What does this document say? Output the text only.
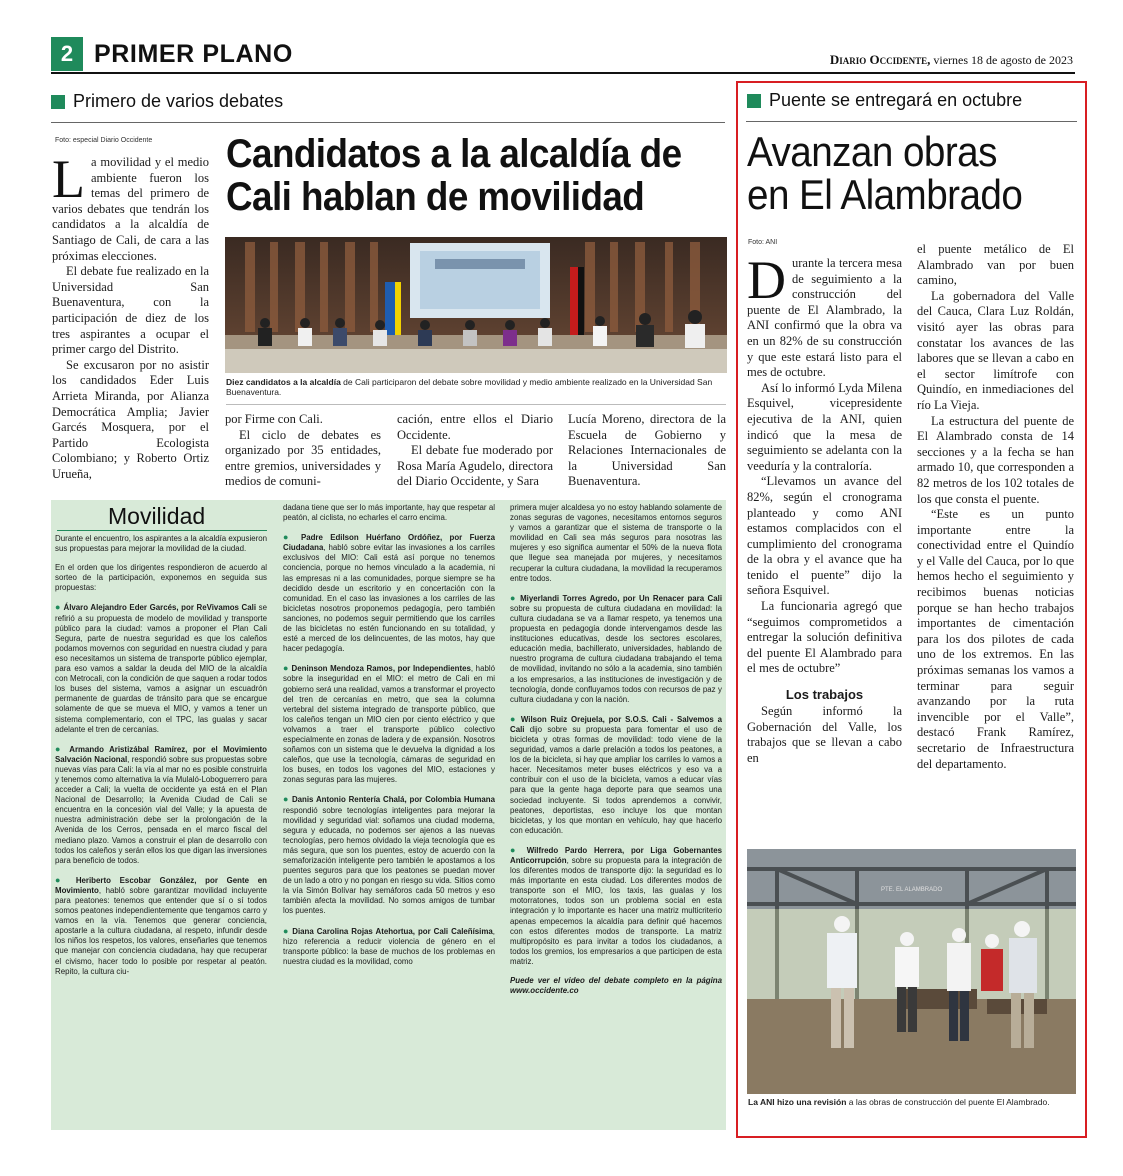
2 PRIMER PLANO	Diario Occidente, viernes 18 de agosto de 2023
Primero de varios debates
Foto: especial Diario Occidente Candidatos a la alcaldía de Cali hablan de movilidad

La movilidad y el medio ambiente fueron los temas del primero de varios debates que tendrán los candidatos a la alcaldía de Santiago de Cali, de cara a las próximas elecciones.

El debate fue realizado en la Universidad San Buenaventura, con la participación de diez de los tres aspirantes a ocupar el primer cargo del Distrito.

Se excusaron por no asistir los candidados Eder Luis Arrieta Miranda, por Alianza Democrática Amplia; Javier Garcés Mosquera, por el Partido Ecologista Colombiano; y Roberto Ortiz Urueña,

Diez candidatos a la alcaldía de Cali participaron del debate sobre movilidad y medio ambiente realizado en la Universidad San Buenaventura.

por Firme con Cali.

El ciclo de debates es organizado por 35 entidades, entre gremios, universidades y medios de comuni-

cación, entre ellos el Diario Occidente.

El debate fue moderado por Rosa María Agudelo, directora del Diario Occidente, y Sara

Lucía Moreno, directora de la Escuela de Gobierno y Relaciones Internacionales de la Universidad San Buenaventura.

Movilidad

Durante el encuentro, los aspirantes a la alcaldía expusieron sus propuestas para mejorar la movilidad de la ciudad.

En el orden que los dirigentes respondieron de acuerdo al sorteo de la participación, exponemos en seguida sus propuestas:

● Álvaro Alejandro Eder Garcés, por ReVivamos Cali se refirió a su propuesta de modelo de movilidad y transporte público para la ciudad: vamos a proponer el Plan Cali Segura, parte de nuestra seguridad es que los caleños podamos movernos con seguridad en nuestra ciudad y para eso necesitamos un sistema de transporte público ejemplar, para eso vamos a saldar la deuda del MIO de la alcaldía con Metrocali, con la condición de que saquen a rodar todos los buses del sistema, vamos a asignar un escuadrón permanente de guardas de tránsito para que se encargue solamente de que se mueva el MIO, y vamos a tener un sistema complementario, con el TPC, las gualas y sacar adelante el tren de cercanías.

● Armando Aristizábal Ramírez, por el Movimiento Salvación Nacional, respondió sobre sus propuestas sobre nuevas vías para Cali: la vía al mar no es posible construirla y tenemos como alternativa la vía Mulaló-Loboguerrero para acceder a Cali; la vuelta de occidente ya está en el Plan Nacional de Desarrollo; la Avenida Ciudad de Cali se encuentra en la concesión vial del Valle; y la apuesta de nuestra administración debe ser la prolongación de la Avenida de los Cerros, pensada en el marco fiscal del mediano plazo. Vamos a construir el plan de desarrollo con todos los caleños y serán ellos los que digan las inversiones para beneficio de todos.

● Heriberto Escobar González, por Gente en Movimiento, habló sobre garantizar movilidad incluyente para peatones: tenemos que entender que sí o sí todos somos peatones independientemente que tengamos carro y vamos en la vía. Tenemos que generar conciencia, apostarle a la cultura ciudadana, al respeto, infundir desde los niños los respetos, los valores, enseñarles que tenemos que manejar con conciencia ciudadana, hay que recuperar el civismo, hacer todo lo posible por respetar al peatón. Repito, la cultura ciu-

dadana tiene que ser lo más importante, hay que respetar al peatón, al ciclista, no echarles el carro encima.

● Padre Edilson Huérfano Ordóñez, por Fuerza Ciudadana, habló sobre evitar las invasiones a los carriles exclusivos del MIO: Cali está así porque no tenemos conciencia, porque no hemos vinculado a la academia, ni las empresas ni a las comunidades, porque siempre se ha decidido desde un escritorio y en concertación con la comunidad. En el caso las invasiones a los carriles de las bicicletas nosotros proponemos pedagogía, pero también sanciones, no podemos seguir permitiendo que los carriles de las bicicletas no estén funcionando en su totalidad, y esté a merced de los delincuentes, de las motos, hay que hacer pedagogía.

● Deninson Mendoza Ramos, por Independientes, habló sobre la inseguridad en el MIO: el metro de Cali en mi gobierno será una realidad, vamos a transformar el proyecto del tren de cercanías en metro, que sea la columna vertebral del sistema integrado de transporte público, que los caleños tengan un MIO cien por ciento eléctrico y que volvamos a traer el transporte público colectivo especialmente en zonas de ladera y de expansión. Nosotros soñamos con un sistema que le devuelva la dignidad a los caleños, que use la tecnología, cámaras de seguridad en los buses, en todos los vagones del MIO, estaciones y zonas seguras para las mujeres.

● Danis Antonio Rentería Chalá, por Colombia Humana respondió sobre tecnologías inteligentes para mejorar la movilidad y seguridad vial: soñamos una ciudad moderna, segura y educada, no podemos ser ajenos a las nuevas tecnologías, pero hemos olvidado la vieja tecnología que es más segura, que son los puentes, estoy de acuerdo con la semaforización inteligente pero también le apostamos a los puentes seguros para que los peatones se puedan mover de un lado a otro y no pongan en riesgo su vida. Sitios como la vía Simón Bolívar hay semáforos cada 50 metros y eso también afecta la movilidad. No somos amigos de tumbar los puentes.

● Diana Carolina Rojas Atehortua, por Cali Caleñísima, hizo referencia a reducir violencia de género en el transporte público: la base de muchos de los problemas en nuestra ciudad es la movilidad, como

primera mujer alcaldesa yo no estoy hablando solamente de zonas seguras de vagones, necesitamos entornos seguros y vamos a garantizar que el sistema de transporte o la movilidad en Cali sea más seguros para nosotras las mujeres y eso significa aumentar el 50% de la nueva flota que llegue sea manejada por mujeres, y necesitamos recuperar la cultura ciudadana, la movilidad la recuperamos entre todos.

● Miyerlandi Torres Agredo, por Un Renacer para Cali sobre su propuesta de cultura ciudadana en movilidad: la cultura ciudadana se va a llamar respeto, ya tenemos una propuesta en pedagogía donde intervengamos desde las instituciones educativas, desde los sectores escolares, educación media, bachillerato, universidades, hablando de nuestro programa de cultura ciudadana trabajando el tema de movilidad, invitando no sólo a la academia, sino también a los empresarios, a las instituciones de investigación y de tecnología, donde confluyamos todos con recursos de paz y cultura ciudadana y con la nación.

● Wilson Ruiz Orejuela, por S.O.S. Cali - Salvemos a Cali dijo sobre su propuesta para fomentar el uso de bicicleta y otras formas de movilidad: todo viene de la seguridad, vamos a darle prelación a todos los peatones, a los de la bicicleta, si hay que ampliar los carriles lo vamos a hacer. Necesitamos meter buses eléctricos y eso va a contribuir con el uso de la bicicleta, vamos a educar vías para que la gente haga deporte para que seamos una sociedad incluyente. Si todos aprendemos a convivir, peatones, deportistas, eso incluye los que montan bicicletas, y los que montan en vehículo, hay que hacerlo con educación.

● Wilfredo Pardo Herrera, por Liga Gobernantes Anticorrupción, sobre su propuesta para la integración de los diferentes modos de transporte dijo: la seguridad es lo más importante en esta ciudad. Los diferentes modos de transporte son el MIO, los taxis, las guaIas y los motorratones, todos son un problema social en esta integración y lo importante es hacer una matriz multicriterio apenas empecemos la alcaldía para definir qué hacemos con estos diferentes modos de transporte. La matriz multipropósito es para invitar a todos los ciudadanos, a todos los gremios, los empresarios a que participen de esta matriz.

Puede ver el video del debate completo en la página www.occidente.co

Puente se entregará en octubre
Avanzan obras
en El Alambrado
Foto: ANI

Durante la tercera mesa de seguimiento a la construcción del puente de El Alambrado, la ANI confirmó que la obra va en un 82% de su construcción y que este estará listo para el mes de octubre.

Así lo informó Lyda Milena Esquivel, vicepresidente ejecutiva de la ANI, quien indicó que la mesa de seguimiento se adelanta con la veeduría y la contraloría.

“Llevamos un avance del 82%, según el cronograma planteado y como ANI estamos complacidos con el cumplimiento del cronograma de la obra y el avance que ha tenido el puente” dijo la señora Esquivel.

La funcionaria agregó que “seguimos comprometidos a entregar la solución definitiva del puente El Alambrado para el mes de octubre”

Los trabajos

Según informó la Gobernación del Valle, los trabajos que se llevan a cabo en

el puente metálico de El Alambrado van por buen camino,

La gobernadora del Valle del Cauca, Clara Luz Roldán, visitó ayer las obras para constatar los avances de las labores que se llevan a cabo en el sector limítrofe con Quindío, en inmediaciones del río La Vieja.

La estructura del puente de El Alambrado consta de 14 secciones y a la fecha se han armado 10, que corresponden a 82 metros de los 102 totales de los que consta el puente.

“Este es un punto importante entre la conectividad entre el Quindío y el Valle del Cauca, por lo que hemos hecho el seguimiento y recibimos buenas noticias porque se han hecho trabajos importantes de cimentación para los dos pilotes de cada uno de los extremos. En las próximas semanas los vamos a terminar para seguir avanzando por la ruta invencible por el Valle”, destacó Frank Ramírez, secretario de Infraestructura del departamento.

PTE. EL ALAMBRADO
La ANI hizo una revisión a las obras de construcción del puente El Alambrado.
